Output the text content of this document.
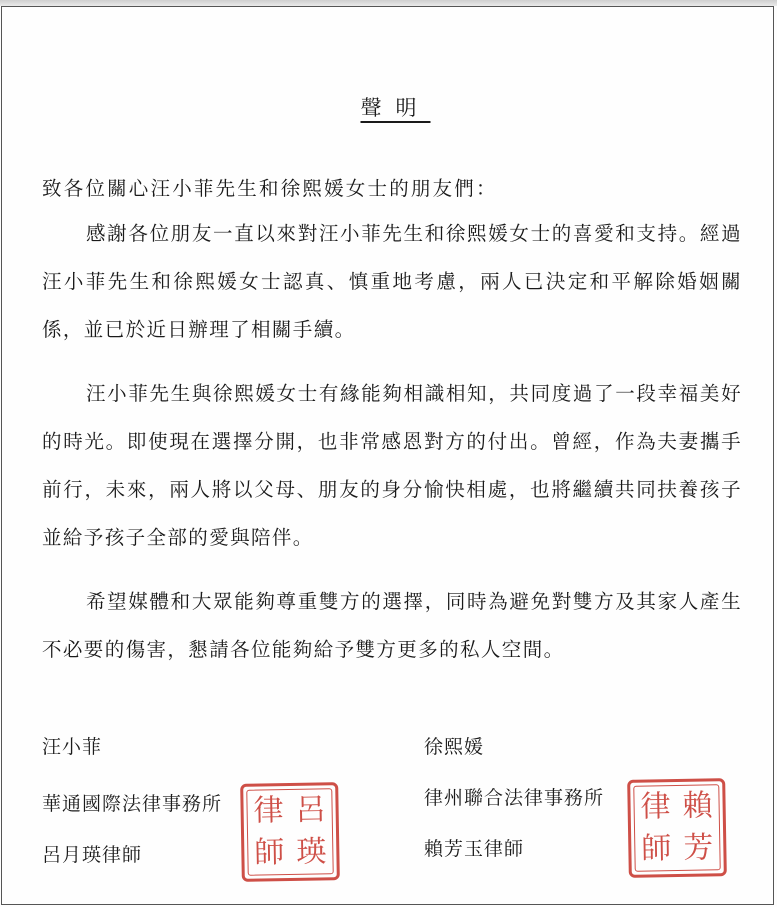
聲明
致各位關心汪小菲先生和徐熙媛女士的朋友們：

感謝各位朋友一直以來對汪小菲先生和徐熙媛女士的喜愛和支持。經過汪小菲先生和徐熙媛女士認真、慎重地考慮，兩人已決定和平解除婚姻關係，並已於近日辦理了相關手續。

汪小菲先生與徐熙媛女士有緣能夠相識相知，共同度過了一段幸福美好的時光。即使現在選擇分開，也非常感恩對方的付出。曾經，作為夫妻攜手前行，未來，兩人將以父母、朋友的身分愉快相處，也將繼續共同扶養孩子並給予孩子全部的愛與陪伴。

希望媒體和大眾能夠尊重雙方的選擇，同時為避免對雙方及其家人產生不必要的傷害，懇請各位能夠給予雙方更多的私人空間。

汪小菲
華通國際法律事務所
呂月瑛律師
律 呂
師 瑛
徐熙媛
律州聯合法律事務所
賴芳玉律師
律 賴
師 芳
